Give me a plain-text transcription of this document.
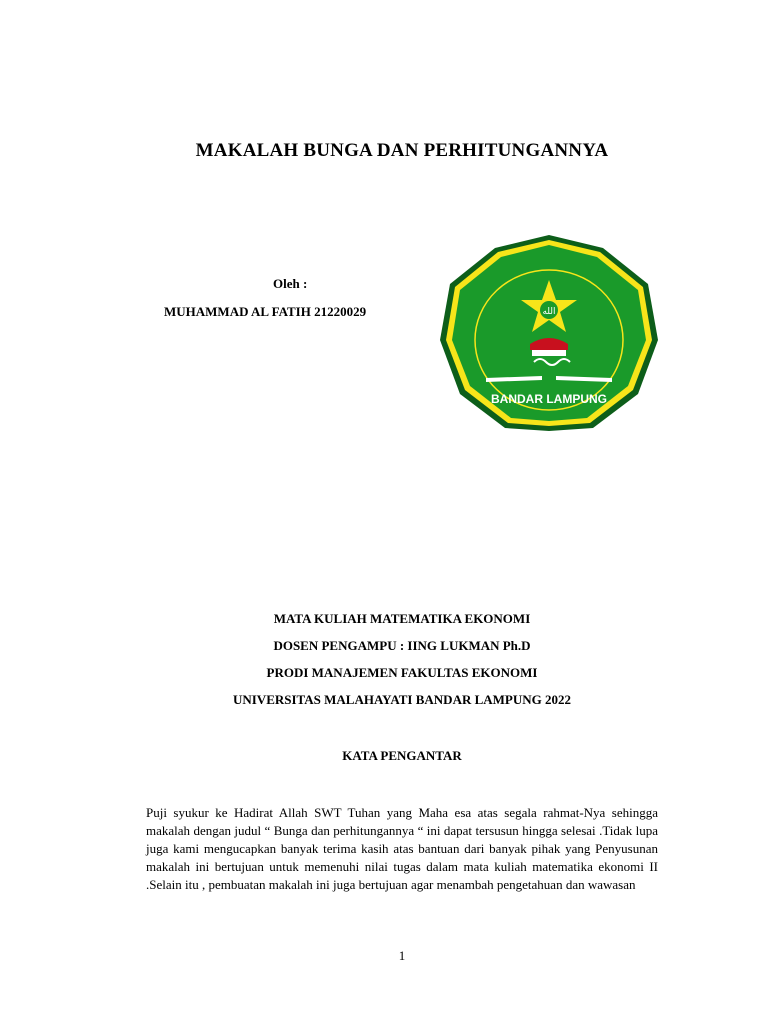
MAKALAH BUNGA DAN PERHITUNGANNYA
Oleh :
MUHAMMAD AL FATIH 21220029	الله
BANDAR LAMPUNG
MATA KULIAH MATEMATIKA EKONOMI
DOSEN PENGAMPU : IING LUKMAN Ph.D
PRODI MANAJEMEN FAKULTAS EKONOMI
UNIVERSITAS MALAHAYATI BANDAR LAMPUNG 2022
KATA PENGANTAR
Puji syukur ke Hadirat Allah SWT Tuhan yang Maha esa atas segala rahmat-Nya sehingga makalah dengan judul “ Bunga dan perhitungannya “ ini dapat tersusun hingga selesai .Tidak lupa juga kami mengucapkan banyak terima kasih atas bantuan dari banyak pihak yang Penyusunan makalah ini bertujuan untuk memenuhi nilai tugas dalam mata kuliah matematika ekonomi II .Selain itu , pembuatan makalah ini juga bertujuan agar menambah pengetahuan dan wawasan
1
